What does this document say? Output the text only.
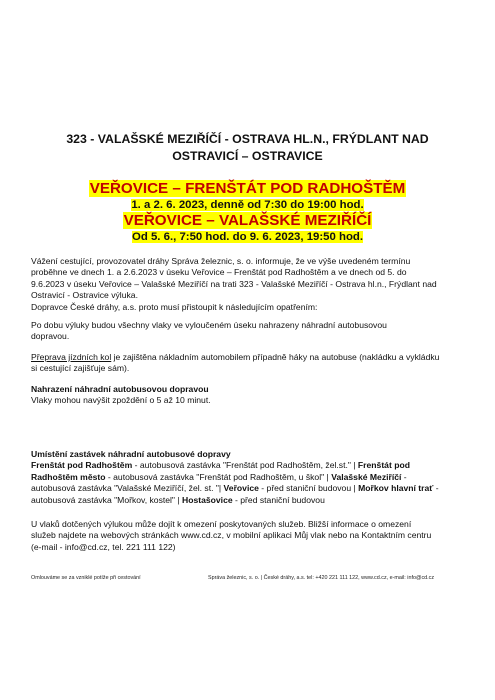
323 - VALAŠSKÉ MEZIŘÍČÍ - OSTRAVA HL.N., FRÝDLANT NAD
OSTRAVICÍ – OSTRAVICE
VEŘOVICE – FRENŠTÁT POD RADHOŠTĚM
1. a 2. 6. 2023, denně od 7:30 do 19:00 hod.
VEŘOVICE – VALAŠSKÉ MEZIŘÍČÍ
Od 5. 6., 7:50 hod. do 9. 6. 2023, 19:50 hod.
Vážení cestující, provozovatel dráhy Správa železnic, s. o. informuje, že ve výše uvedeném termínu
proběhne ve dnech 1. a 2.6.2023 v úseku Veřovice – Frenštát pod Radhoštěm a ve dnech od 5. do
9.6.2023 v úseku Veřovice – Valašské Meziříčí na trati 323 - Valašské Meziříčí - Ostrava hl.n., Frýdlant nad
Ostravicí - Ostravice výluka.
Dopravce České dráhy, a.s. proto musí přistoupit k následujícím opatřením:
Po dobu výluky budou všechny vlaky ve vyloučeném úseku nahrazeny náhradní autobusovou
dopravou.
Přeprava jízdních kol je zajištěna nákladním automobilem případně háky na autobuse (nakládku a vykládku
si cestující zajišťuje sám).
Nahrazení náhradní autobusovou dopravou
Vlaky mohou navýšit zpoždění o 5 až 10 minut.
Umístění zastávek náhradní autobusové dopravy
Frenštát pod Radhoštěm - autobusová zastávka "Frenštát pod Radhoštěm, žel.st." | Frenštát pod
Radhoštěm město - autobusová zastávka "Frenštát pod Radhoštěm, u škol" | Valašské Meziříčí -
autobusová zastávka "Valašské Meziříčí, žel. st. "| Veřovice - před staniční budovou | Mořkov hlavní trať -
autobusová zastávka "Mořkov, kostel" | Hostašovice - před staniční budovou
U vlaků dotčených výlukou může dojít k omezení poskytovaných služeb. Bližší informace o omezení
služeb najdete na webových stránkách www.cd.cz, v mobilní aplikaci Můj vlak nebo na Kontaktním centru
(e-mail - info@cd.cz, tel. 221 111 122)
Omlouváme se za vzniklé potíže při cestování	Správa železnic, s. o. | České dráhy, a.s. tel: +420 221 111 122, www.cd.cz, e-mail: info@cd.cz
